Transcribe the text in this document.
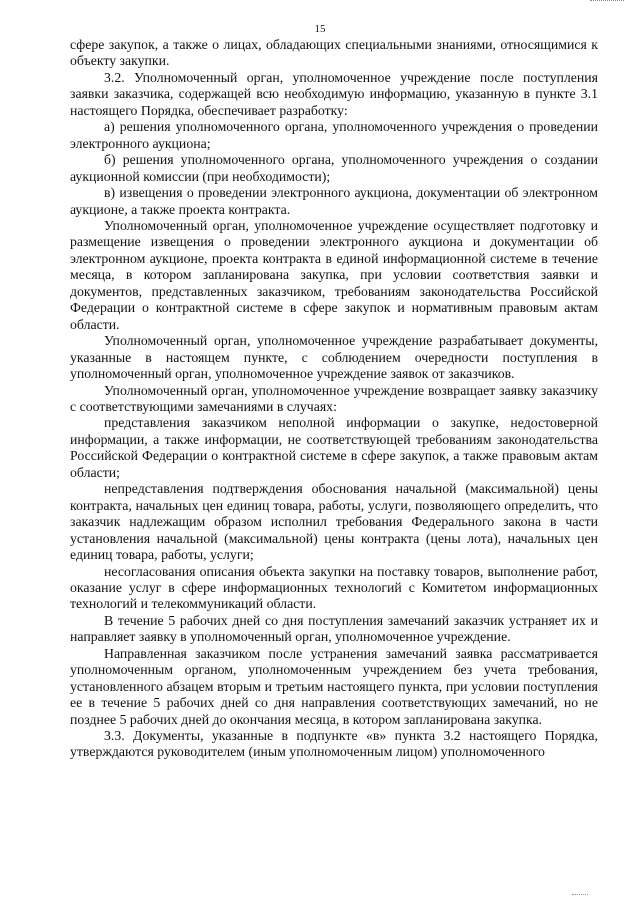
15

сфере закупок, а также о лицах, обладающих специальными знаниями, относящимися к объекту закупки.

3.2. Уполномоченный орган, уполномоченное учреждение после поступления заявки заказчика, содержащей всю необходимую информацию, указанную в пункте 3.1 настоящего Порядка, обеспечивает разработку:

а) решения уполномоченного органа, уполномоченного учреждения о проведении электронного аукциона;

б) решения уполномоченного органа, уполномоченного учреждения о создании аукционной комиссии (при необходимости);

в) извещения о проведении электронного аукциона, документации об электронном аукционе, а также проекта контракта.

Уполномоченный орган, уполномоченное учреждение осуществляет подготовку и размещение извещения о проведении электронного аукциона и документации об электронном аукционе, проекта контракта в единой информационной системе в течение месяца, в котором запланирована закупка, при условии соответствия заявки и документов, представленных заказчиком, требованиям законодательства Российской Федерации о контрактной системе в сфере закупок и нормативным правовым актам области.

Уполномоченный орган, уполномоченное учреждение разрабатывает документы, указанные в настоящем пункте, с соблюдением очередности поступления в уполномоченный орган, уполномоченное учреждение заявок от заказчиков.

Уполномоченный орган, уполномоченное учреждение возвращает заявку заказчику с соответствующими замечаниями в случаях:

представления заказчиком неполной информации о закупке, недостоверной информации, а также информации, не соответствующей требованиям законодательства Российской Федерации о контрактной системе в сфере закупок, а также правовым актам области;

непредставления подтверждения обоснования начальной (максимальной) цены контракта, начальных цен единиц товара, работы, услуги, позволяющего определить, что заказчик надлежащим образом исполнил требования Федерального закона в части установления начальной (максимальной) цены контракта (цены лота), начальных цен единиц товара, работы, услуги;

несогласования описания объекта закупки на поставку товаров, выполнение работ, оказание услуг в сфере информационных технологий с Комитетом информационных технологий и телекоммуникаций области.

В течение 5 рабочих дней со дня поступления замечаний заказчик устраняет их и направляет заявку в уполномоченный орган, уполномоченное учреждение.

Направленная заказчиком после устранения замечаний заявка рассматривается уполномоченным органом, уполномоченным учреждением без учета требования, установленного абзацем вторым и третьим настоящего пункта, при условии поступления ее в течение 5 рабочих дней со дня направления соответствующих замечаний, но не позднее 5 рабочих дней до окончания месяца, в котором запланирована закупка.

3.3. Документы, указанные в подпункте «в» пункта 3.2 настоящего Порядка, утверждаются руководителем (иным уполномоченным лицом) уполномоченного
